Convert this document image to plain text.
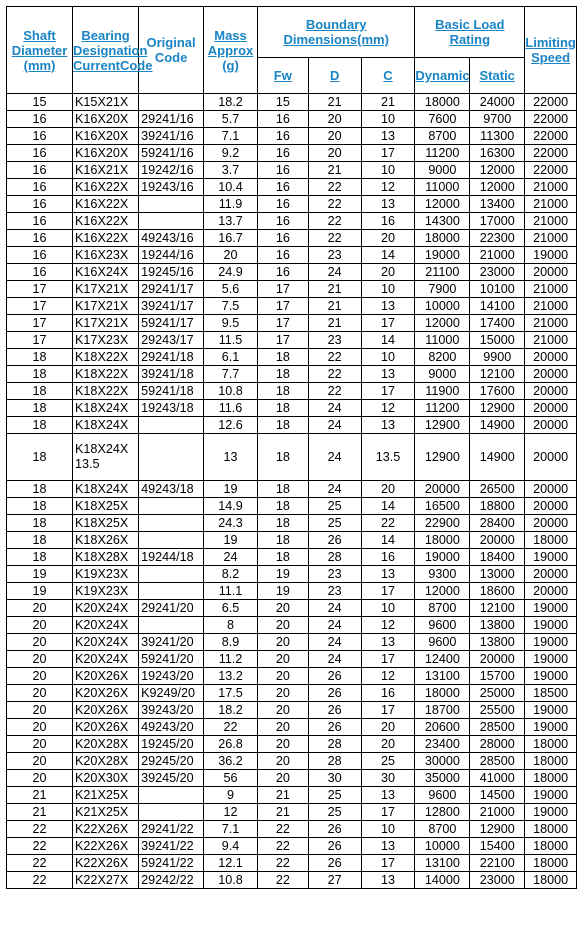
Shaft Diameter (mm)	Bearing Designation CurrentCode	Original Code	Mass Approx (g)	Boundary Dimensions(mm)			Basic Load Rating		Limiting Speed
				Fw	D	C	Dynamic	Static	
15	K15X21X		18.2	15	21	21	18000	24000	22000
16	K16X20X	29241/16	5.7	16	20	10	7600	9700	22000
16	K16X20X	39241/16	7.1	16	20	13	8700	11300	22000
16	K16X20X	59241/16	9.2	16	20	17	11200	16300	22000
16	K16X21X	19242/16	3.7	16	21	10	9000	12000	22000
16	K16X22X	19243/16	10.4	16	22	12	11000	12000	21000
16	K16X22X		11.9	16	22	13	12000	13400	21000
16	K16X22X		13.7	16	22	16	14300	17000	21000
16	K16X22X	49243/16	16.7	16	22	20	18000	22300	21000
16	K16X23X	19244/16	20	16	23	14	19000	21000	19000
16	K16X24X	19245/16	24.9	16	24	20	21100	23000	20000
17	K17X21X	29241/17	5.6	17	21	10	7900	10100	21000
17	K17X21X	39241/17	7.5	17	21	13	10000	14100	21000
17	K17X21X	59241/17	9.5	17	21	17	12000	17400	21000
17	K17X23X	29243/17	11.5	17	23	14	11000	15000	21000
18	K18X22X	29241/18	6.1	18	22	10	8200	9900	20000
18	K18X22X	39241/18	7.7	18	22	13	9000	12100	20000
18	K18X22X	59241/18	10.8	18	22	17	11900	17600	20000
18	K18X24X	19243/18	11.6	18	24	12	11200	12900	20000
18	K18X24X		12.6	18	24	13	12900	14900	20000
18	K18X24X 13.5		13	18	24	13.5	12900	14900	20000
18	K18X24X	49243/18	19	18	24	20	20000	26500	20000
18	K18X25X		14.9	18	25	14	16500	18800	20000
18	K18X25X		24.3	18	25	22	22900	28400	20000
18	K18X26X		19	18	26	14	18000	20000	18000
18	K18X28X	19244/18	24	18	28	16	19000	18400	19000
19	K19X23X		8.2	19	23	13	9300	13000	20000
19	K19X23X		11.1	19	23	17	12000	18600	20000
20	K20X24X	29241/20	6.5	20	24	10	8700	12100	19000
20	K20X24X		8	20	24	12	9600	13800	19000
20	K20X24X	39241/20	8.9	20	24	13	9600	13800	19000
20	K20X24X	59241/20	11.2	20	24	17	12400	20000	19000
20	K20X26X	19243/20	13.2	20	26	12	13100	15700	19000
20	K20X26X	K9249/20	17.5	20	26	16	18000	25000	18500
20	K20X26X	39243/20	18.2	20	26	17	18700	25500	19000
20	K20X26X	49243/20	22	20	26	20	20600	28500	19000
20	K20X28X	19245/20	26.8	20	28	20	23400	28000	18000
20	K20X28X	29245/20	36.2	20	28	25	30000	28500	18000
20	K20X30X	39245/20	56	20	30	30	35000	41000	18000
21	K21X25X		9	21	25	13	9600	14500	19000
21	K21X25X		12	21	25	17	12800	21000	19000
22	K22X26X	29241/22	7.1	22	26	10	8700	12900	18000
22	K22X26X	39241/22	9.4	22	26	13	10000	15400	18000
22	K22X26X	59241/22	12.1	22	26	17	13100	22100	18000
22	K22X27X	29242/22	10.8	22	27	13	14000	23000	18000
